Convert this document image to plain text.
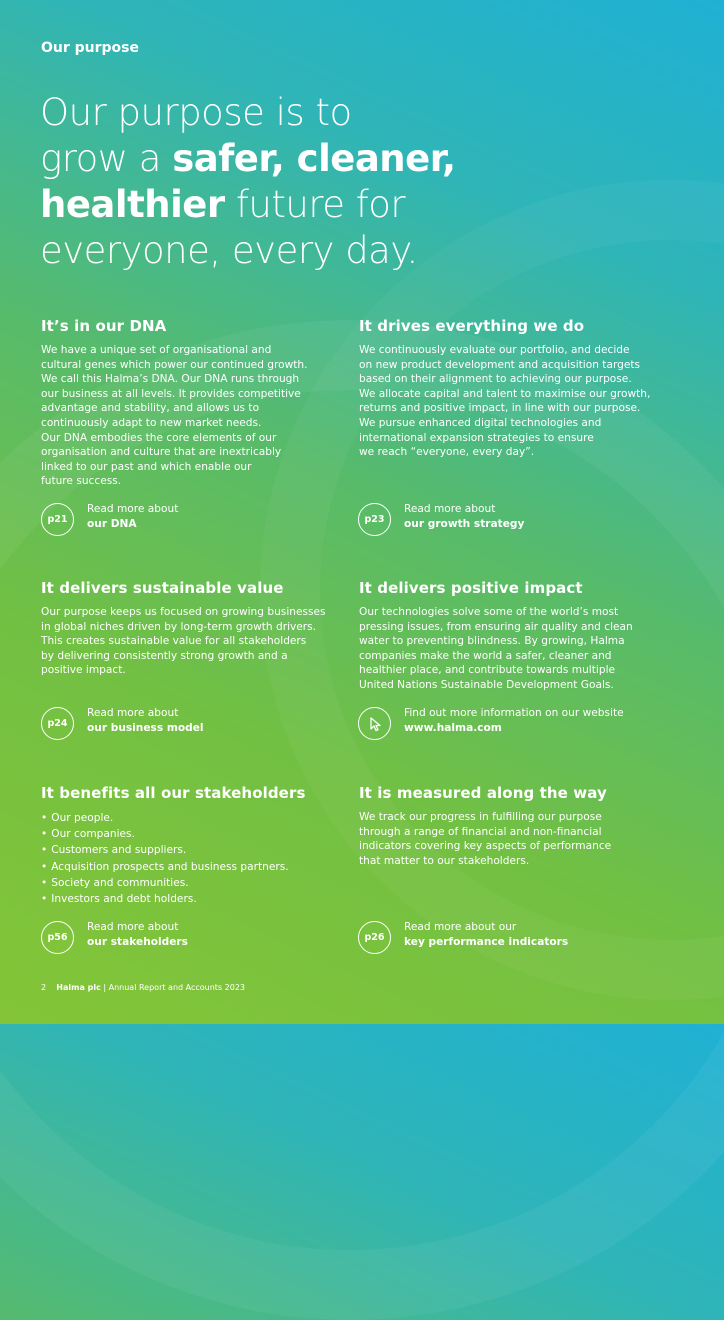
Our purpose
Our purpose is to
grow a safer, cleaner,
healthier future for
everyone, every day.
It’s in our DNA

We have a unique set of organisational and
cultural genes which power our continued growth.
We call this Halma’s DNA. Our DNA runs through
our business at all levels. It provides competitive
advantage and stability, and allows us to
continuously adapt to new market needs.
Our DNA embodies the core elements of our
organisation and culture that are inextricably
linked to our past and which enable our
future success.

p21
Read more about
our DNA
It drives everything we do

We continuously evaluate our portfolio, and decide
on new product development and acquisition targets
based on their alignment to achieving our purpose.
We allocate capital and talent to maximise our growth,
returns and positive impact, in line with our purpose.
We pursue enhanced digital technologies and
international expansion strategies to ensure
we reach “everyone, every day”.

p23
Read more about
our growth strategy
It delivers sustainable value

Our purpose keeps us focused on growing businesses
in global niches driven by long-term growth drivers.
This creates sustainable value for all stakeholders
by delivering consistently strong growth and a
positive impact.

p24
Read more about
our business model
It delivers positive impact

Our technologies solve some of the world’s most
pressing issues, from ensuring air quality and clean
water to preventing blindness. By growing, Halma
companies make the world a safer, cleaner and
healthier place, and contribute towards multiple
United Nations Sustainable Development Goals.

Find out more information on our website
www.halma.com
It benefits all our stakeholders
• Our people.
• Our companies.
• Customers and suppliers.
• Acquisition prospects and business partners.
• Society and communities.
• Investors and debt holders.
p56
Read more about
our stakeholders
It is measured along the way

We track our progress in fulfilling our purpose
through a range of financial and non-financial
indicators covering key aspects of performance
that matter to our stakeholders.

p26
Read more about our
key performance indicators
2 Halma plc | Annual Report and Accounts 2023
